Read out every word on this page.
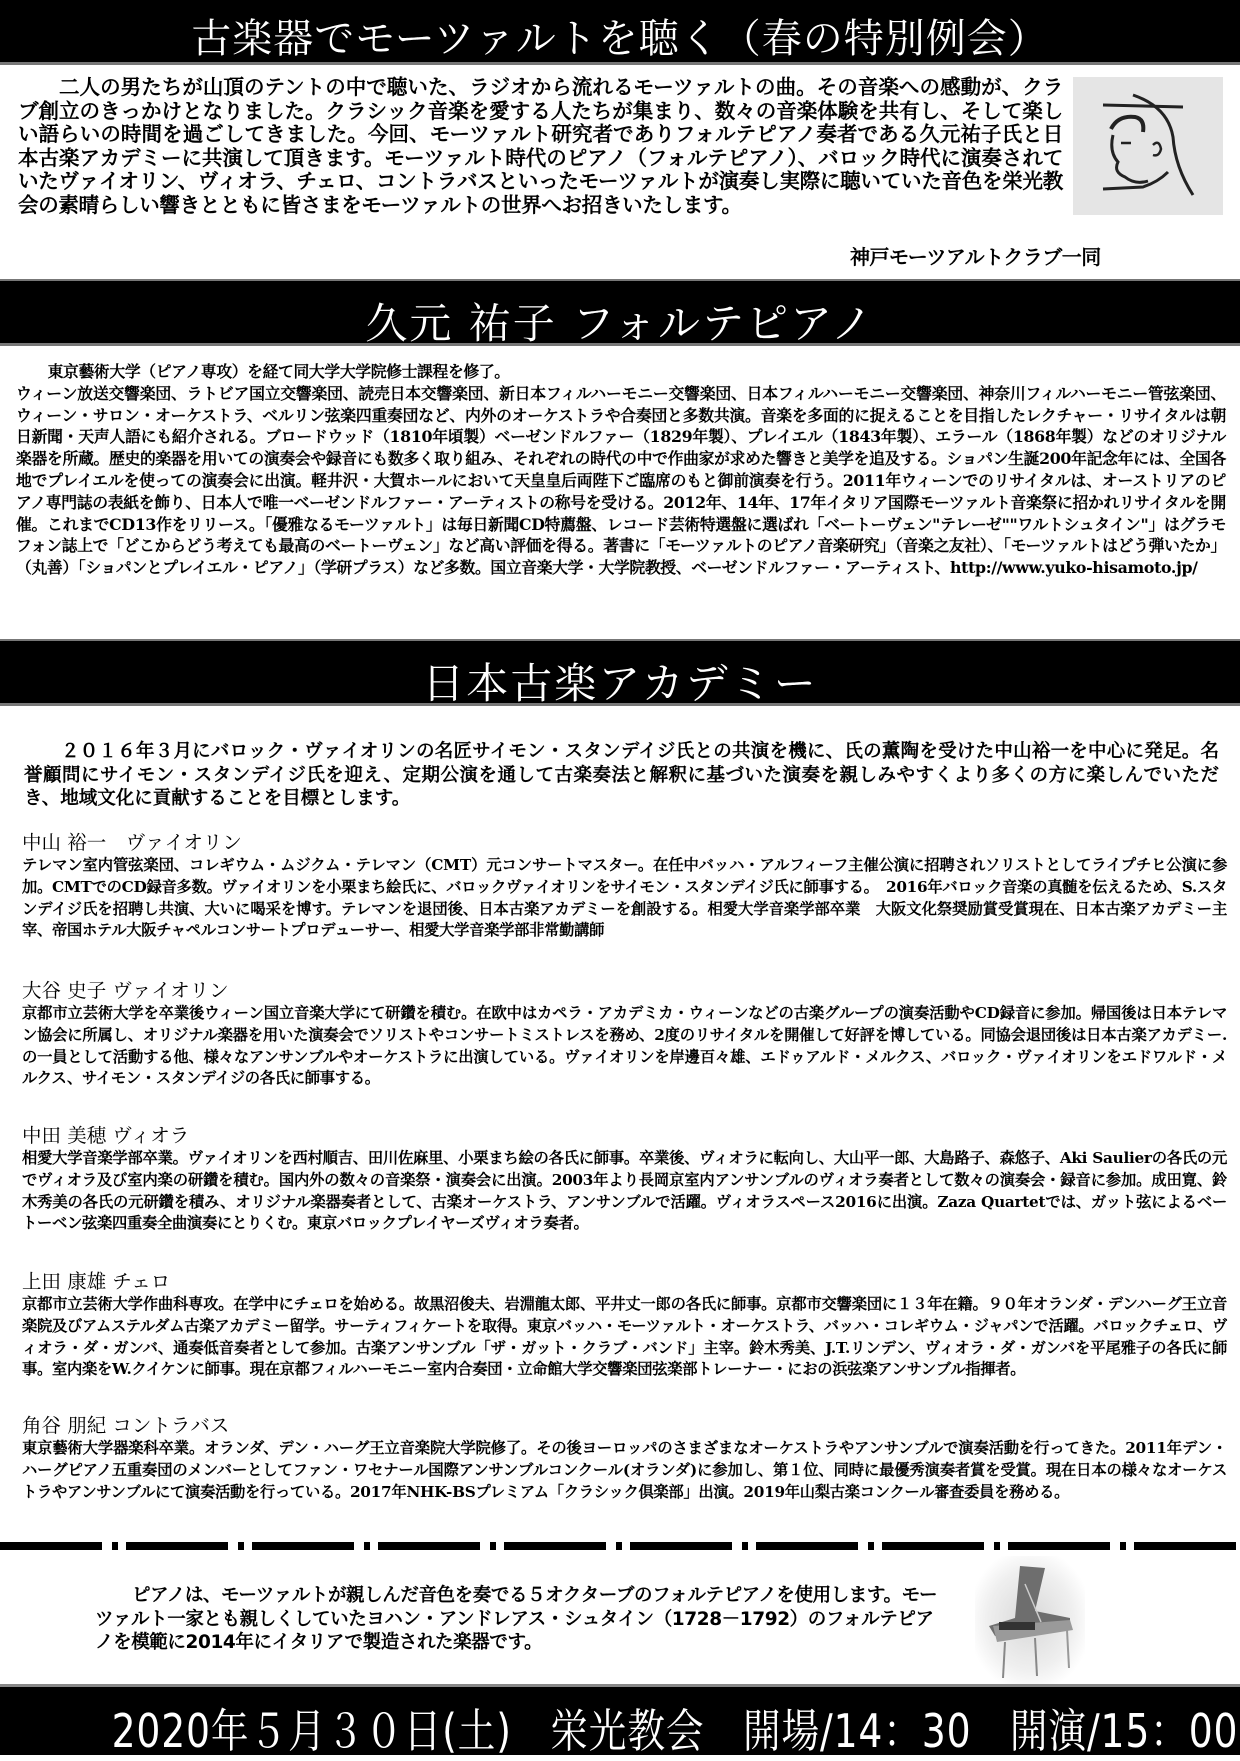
古楽器でモーツァルトを聴く（春の特別例会）

二人の男たちが山頂のテントの中で聴いた、ラジオから流れるモーツァルトの曲。その音楽への感動が、クラブ創立のきっかけとなりました。クラシック音楽を愛する人たちが集まり、数々の音楽体験を共有し、そして楽しい語らいの時間を過ごしてきました。今回、モーツァルト研究者でありフォルテピアノ奏者である久元祐子氏と日本古楽アカデミーに共演して頂きます。モーツァルト時代のピアノ（フォルテピアノ）、バロック時代に演奏されていたヴァイオリン、ヴィオラ、チェロ、コントラバスといったモーツァルトが演奏し実際に聴いていた音色を栄光教会の素晴らしい響きとともに皆さまをモーツァルトの世界へお招きいたします。

神戸モーツアルトクラブ一同
久元 祐子 フォルテピアノ

東京藝術大学（ピアノ専攻）を経て同大学大学院修士課程を修了。

ウィーン放送交響楽団、ラトビア国立交響楽団、読売日本交響楽団、新日本フィルハーモニー交響楽団、日本フィルハーモニー交響楽団、神奈川フィルハーモニー管弦楽団、ウィーン・サロン・オーケストラ、ベルリン弦楽四重奏団など、内外のオーケストラや合奏団と多数共演。音楽を多面的に捉えることを目指したレクチャー・リサイタルは朝日新聞・天声人語にも紹介される。ブロードウッド（1810年頃製）ベーゼンドルファー（1829年製）、プレイエル（1843年製）、エラール（1868年製）などのオリジナル楽器を所蔵。歴史的楽器を用いての演奏会や録音にも数多く取り組み、それぞれの時代の中で作曲家が求めた響きと美学を追及する。ショパン生誕200年記念年には、全国各地でプレイエルを使っての演奏会に出演。軽井沢・大賀ホールにおいて天皇皇后両陛下ご臨席のもと御前演奏を行う。2011年ウィーンでのリサイタルは、オーストリアのピアノ専門誌の表紙を飾り、日本人で唯一ベーゼンドルファー・アーティストの称号を受ける。2012年、14年、17年イタリア国際モーツァルト音楽祭に招かれリサイタルを開催。これまでCD13作をリリース。「優雅なるモーツァルト」は毎日新聞CD特薦盤、レコード芸術特選盤に選ばれ「ベートーヴェン"テレーゼ""ワルトシュタイン"」はグラモフォン誌上で「どこからどう考えても最高のベートーヴェン」など高い評価を得る。著書に「モーツァルトのピアノ音楽研究」（音楽之友社）、「モーツァルトはどう弾いたか」（丸善）「ショパンとプレイエル・ピアノ」（学研プラス）など多数。国立音楽大学・大学院教授、ベーゼンドルファー・アーティスト、http://www.yuko-hisamoto.jp/

日本古楽アカデミー

２０１６年３月にバロック・ヴァイオリンの名匠サイモン・スタンデイジ氏との共演を機に、氏の薫陶を受けた中山裕一を中心に発足。名誉顧問にサイモン・スタンデイジ氏を迎え、定期公演を通して古楽奏法と解釈に基づいた演奏を親しみやすくより多くの方に楽しんでいただき、地域文化に貢献することを目標とします。

中山 裕一　ヴァイオリン
テレマン室内管弦楽団、コレギウム・ムジクム・テレマン（CMT）元コンサートマスター。在任中バッハ・アルフィーフ主催公演に招聘されソリストとしてライプチヒ公演に参加。CMTでのCD録音多数。ヴァイオリンを小栗まち絵氏に、バロックヴァイオリンをサイモン・スタンデイジ氏に師事する。　2016年バロック音楽の真髄を伝えるため、S.スタンデイジ氏を招聘し共演、大いに喝采を博す。テレマンを退団後、日本古楽アカデミーを創設する。相愛大学音楽学部卒業　大阪文化祭奨励賞受賞現在、日本古楽アカデミー主宰、帝国ホテル大阪チャペルコンサートプロデューサー、相愛大学音楽学部非常勤講師
大谷 史子 ヴァイオリン
京都市立芸術大学を卒業後ウィーン国立音楽大学にて研鑽を積む。在欧中はカペラ・アカデミカ・ウィーンなどの古楽グループの演奏活動やCD録音に参加。帰国後は日本テレマン協会に所属し、オリジナル楽器を用いた演奏会でソリストやコンサートミストレスを務め、2度のリサイタルを開催して好評を博している。同協会退団後は日本古楽アカデミー.の一員として活動する他、様々なアンサンブルやオーケストラに出演している。ヴァイオリンを岸邊百々雄、エドゥアルド・メルクス、バロック・ヴァイオリンをエドワルド・メルクス、サイモン・スタンデイジの各氏に師事する。
中田 美穂 ヴィオラ
相愛大学音楽学部卒業。ヴァイオリンを西村順吉、田川佐麻里、小栗まち絵の各氏に師事。卒業後、ヴィオラに転向し、大山平一郎、大島路子、森悠子、Aki Saulierの各氏の元でヴィオラ及び室内楽の研鑽を積む。国内外の数々の音楽祭・演奏会に出演。2003年より長岡京室内アンサンブルのヴィオラ奏者として数々の演奏会・録音に参加。成田寛、鈴木秀美の各氏の元研鑽を積み、オリジナル楽器奏者として、古楽オーケストラ、アンサンブルで活躍。ヴィオラスペース2016に出演。Zaza Quartetでは、ガット弦によるベートーベン弦楽四重奏全曲演奏にとりくむ。東京バロックプレイヤーズヴィオラ奏者。
上田 康雄 チェロ
京都市立芸術大学作曲科専攻。在学中にチェロを始める。故黒沼俊夫、岩淵龍太郎、平井丈一郎の各氏に師事。京都市交響楽団に１３年在籍。９０年オランダ・デンハーグ王立音楽院及びアムステルダム古楽アカデミー留学。サーティフィケートを取得。東京バッハ・モーツァルト・オーケストラ、バッハ・コレギウム・ジャパンで活躍。バロックチェロ、ヴィオラ・ダ・ガンバ、通奏低音奏者として参加。古楽アンサンブル「ザ・ガット・クラブ・バンド」主宰。鈴木秀美、J.T.リンデン、ヴィオラ・ダ・ガンバを平尾雅子の各氏に師事。室内楽をW.クイケンに師事。現在京都フィルハーモニー室内合奏団・立命館大学交響楽団弦楽部トレーナー・におの浜弦楽アンサンブル指揮者。
角谷 朋紀 コントラバス
東京藝術大学器楽科卒業。オランダ、デン・ハーグ王立音楽院大学院修了。その後ヨーロッパのさまざまなオーケストラやアンサンブルで演奏活動を行ってきた。2011年デン・ハーグピアノ五重奏団のメンバーとしてファン・ワセナール国際アンサンブルコンクール(オランダ)に参加し、第１位、同時に最優秀演奏者賞を受賞。現在日本の様々なオーケストラやアンサンブルにて演奏活動を行っている。2017年NHK-BSプレミアム「クラシック倶楽部」出演。2019年山梨古楽コンクール審査委員を務める。

ピアノは、モーツァルトが親しんだ音色を奏でる５オクターブのフォルテピアノを使用します。モーツァルト一家とも親しくしていたヨハン・アンドレアス・シュタイン（1728－1792）のフォルテピアノを模範に2014年にイタリアで製造された楽器です。

2020年５月３０日(土)　栄光教会　開場/14：30　開演/15：00
